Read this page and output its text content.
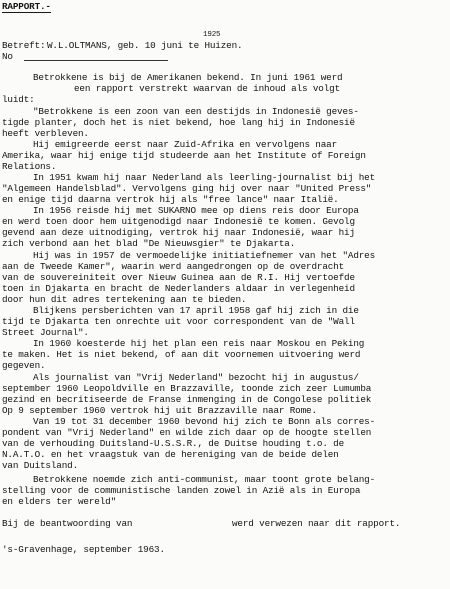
RAPPORT.-
Betreft: W.L.OLTMANS, geb. 10 juni te Huizen.
1925
No
Betrokkene is bij de Amerikanen bekend. In juni 1961 werd
een rapport verstrekt waarvan de inhoud als volgt
luidt:
"Betrokkene is een zoon van een destijds in Indonesië geves-
tigde planter, doch het is niet bekend, hoe lang hij in Indonesië
heeft verbleven.
Hij emigreerde eerst naar Zuid-Afrika en vervolgens naar
Amerika, waar hij enige tijd studeerde aan het Institute of Foreign
Relations.
In 1951 kwam hij naar Nederland als leerling-journalist bij het
"Algemeen Handelsblad". Vervolgens ging hij over naar "United Press"
en enige tijd daarna vertrok hij als "free lance" naar Italië.
In 1956 reisde hij met SUKARNO mee op diens reis door Europa
en werd toen door hem uitgenodigd naar Indonesië te komen. Gevolg
gevend aan deze uitnodiging, vertrok hij naar Indonesië, waar hij
zich verbond aan het blad "De Nieuwsgier" te Djakarta.
Hij was in 1957 de vermoedelijke initiatiefnemer van het "Adres
aan de Tweede Kamer", waarin werd aangedrongen op de overdracht
van de souvereiniteit over Nieuw Guinea aan de R.I. Hij vertoefde
toen in Djakarta en bracht de Nederlanders aldaar in verlegenheid
door hun dit adres tertekening aan te bieden.
Blijkens persberichten van 17 april 1958 gaf hij zich in die
tijd te Djakarta ten onrechte uit voor correspondent van de "Wall
Street Journal".
In 1960 koesterde hij het plan een reis naar Moskou en Peking
te maken. Het is niet bekend, of aan dit voornemen uitvoering werd
gegeven.
Als journalist van "Vrij Nederland" bezocht hij in augustus/
september 1960 Leopoldville en Brazzaville, toonde zich zeer Lumumba
gezind en becritiseerde de Franse inmenging in de Congolese politiek
Op 9 september 1960 vertrok hij uit Brazzaville naar Rome.
Van 19 tot 31 december 1960 bevond hij zich te Bonn als corres-
pondent van "Vrij Nederland" en wilde zich daar op de hoogte stellen
van de verhouding Duitsland-U.S.S.R., de Duitse houding t.o. de
N.A.T.O. en het vraagstuk van de hereniging van de beide delen
van Duitsland.
Betrokkene noemde zich anti-communist, maar toont grote belang-
stelling voor de communistische landen zowel in Azië als in Europa
en elders ter wereld"
Bij de beantwoording van	werd verwezen naar dit rapport.
's-Gravenhage, september 1963.
